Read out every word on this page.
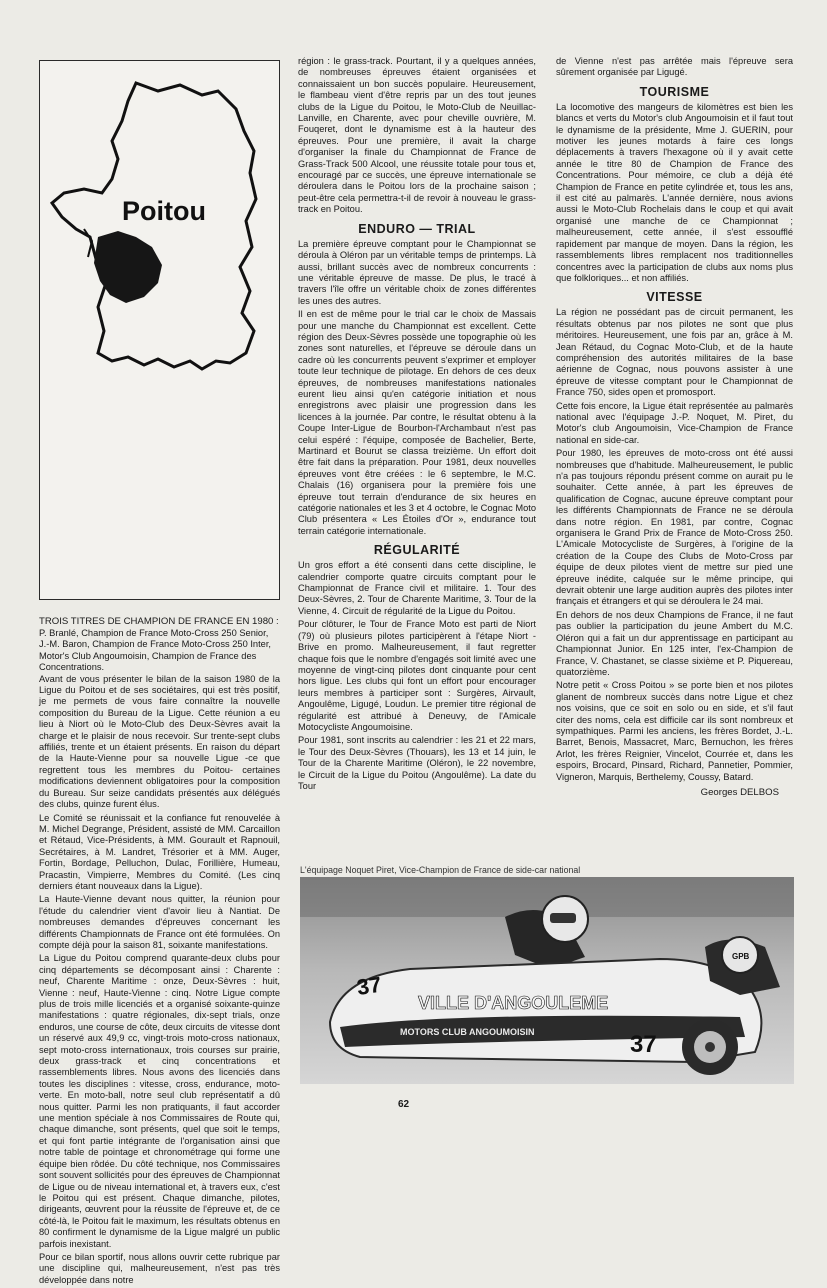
Poitou
TROIS TITRES DE CHAMPION DE FRANCE EN 1980 :

P. Branlé, Champion de France Moto-Cross 250 Senior,

J.-M. Baron, Champion de France Moto-Cross 250 Inter,

Motor's Club Angoumoisin, Champion de France des Concentrations.

Avant de vous présenter le bilan de la saison 1980 de la Ligue du Poitou et de ses sociétaires, qui est très positif, je me permets de vous faire connaître la nouvelle composition du Bureau de la Ligue. Cette réunion a eu lieu à Niort où le Moto-Club des Deux-Sèvres avait la charge et le plaisir de nous recevoir. Sur trente-sept clubs affiliés, trente et un étaient présents. En raison du départ de la Haute-Vienne pour sa nouvelle Ligue -ce que regrettent tous les membres du Poitou- certaines modifications deviennent obligatoires pour la composition du Bureau. Sur seize candidats présentés aux délégués des clubs, quinze furent élus.

Le Comité se réunissait et la confiance fut renouvelée à M. Michel Degrange, Président, assisté de MM. Carcaillon et Rétaud, Vice-Présidents, à MM. Gourault et Rapnouil, Secrétaires, à M. Landret, Trésorier et à MM. Auger, Fortin, Bordage, Pelluchon, Dulac, Forillière, Humeau, Pracastin, Vimpierre, Membres du Comité. (Les cinq derniers étant nouveaux dans la Ligue).

La Haute-Vienne devant nous quitter, la réunion pour l'étude du calendrier vient d'avoir lieu à Nantiat. De nombreuses demandes d'épreuves concernant les différents Championnats de France ont été formulées. On compte déjà pour la saison 81, soixante manifestations.

La Ligue du Poitou comprend quarante-deux clubs pour cinq départements se décomposant ainsi : Charente : neuf, Charente Maritime : onze, Deux-Sèvres : huit, Vienne : neuf, Haute-Vienne : cinq. Notre Ligue compte plus de trois mille licenciés et a organisé soixante-quinze manifestations : quatre régionales, dix-sept trials, onze enduros, une course de côte, deux circuits de vitesse dont un réservé aux 49,9 cc, vingt-trois moto-cross nationaux, sept moto-cross internationaux, trois courses sur prairie, deux grass-track et cinq concentrations et rassemblements libres. Nous avons des licenciés dans toutes les disciplines : vitesse, cross, endurance, moto-verte. En moto-ball, notre seul club représentatif a dû nous quitter. Parmi les non pratiquants, il faut accorder une mention spéciale à nos Commissaires de Route qui, chaque dimanche, sont présents, quel que soit le temps, et qui font partie intégrante de l'organisation ainsi que notre table de pointage et chronométrage qui forme une équipe bien rôdée. Du côté technique, nos Commissaires sont souvent sollicités pour des épreuves de Championnat de Ligue ou de niveau international et, à travers eux, c'est le Poitou qui est présent. Chaque dimanche, pilotes, dirigeants, œuvrent pour la réussite de l'épreuve et, de ce côté-là, le Poitou fait le maximum, les résultats obtenus en 80 confirment le dynamisme de la Ligue malgré un public parfois inexistant.

Pour ce bilan sportif, nous allons ouvrir cette rubrique par une discipline qui, malheureusement, n'est pas très développée dans notre

région : le grass-track. Pourtant, il y a quelques années, de nombreuses épreuves étaient organisées et connaissaient un bon succès populaire. Heureusement, le flambeau vient d'être repris par un des tout jeunes clubs de la Ligue du Poitou, le Moto-Club de Neuillac-Lanville, en Charente, avec pour cheville ouvrière, M. Fouqeret, dont le dynamisme est à la hauteur des épreuves. Pour une première, il avait la charge d'organiser la finale du Championnat de France de Grass-Track 500 Alcool, une réussite totale pour tous et, encouragé par ce succès, une épreuve internationale se déroulera dans le Poitou lors de la prochaine saison ; peut-être cela permettra-t-il de revoir à nouveau le grass-track en Poitou.

ENDURO — TRIAL

La première épreuve comptant pour le Championnat se déroula à Oléron par un véritable temps de printemps. Là aussi, brillant succès avec de nombreux concurrents : une véritable épreuve de masse. De plus, le tracé à travers l'île offre un véritable choix de zones différentes les unes des autres.

Il en est de même pour le trial car le choix de Massais pour une manche du Championnat est excellent. Cette région des Deux-Sèvres possède une topographie où les zones sont naturelles, et l'épreuve se déroule dans un cadre où les concurrents peuvent s'exprimer et employer toute leur technique de pilotage. En dehors de ces deux épreuves, de nombreuses manifestations nationales eurent lieu ainsi qu'en catégorie initiation et nous enregistrons avec plaisir une progression dans les licences à la journée. Par contre, le résultat obtenu à la Coupe Inter-Ligue de Bourbon-l'Archambaut n'est pas celui espéré : l'équipe, composée de Bachelier, Berte, Martinard et Bourut se classa treizième. Un effort doit être fait dans la préparation. Pour 1981, deux nouvelles épreuves vont être créées : le 6 septembre, le M.C. Chalais (16) organisera pour la première fois une épreuve tout terrain d'endurance de six heures en catégorie nationales et les 3 et 4 octobre, le Cognac Moto Club présentera « Les Étoiles d'Or », endurance tout terrain catégorie internationale.

RÉGULARITÉ

Un gros effort a été consenti dans cette discipline, le calendrier comporte quatre circuits comptant pour le Championnat de France civil et militaire. 1. Tour des Deux-Sèvres, 2. Tour de Charente Maritime, 3. Tour de la Vienne, 4. Circuit de régularité de la Ligue du Poitou.

Pour clôturer, le Tour de France Moto est parti de Niort (79) où plusieurs pilotes participèrent à l'étape Niort - Brive en promo. Malheureusement, il faut regretter chaque fois que le nombre d'engagés soit limité avec une moyenne de vingt-cinq pilotes dont cinquante pour cent hors ligue. Les clubs qui font un effort pour encourager leurs membres à participer sont : Surgères, Airvault, Angoulême, Ligugé, Loudun. Le premier titre régional de régularité est attribué à Deneuvy, de l'Amicale Motocycliste Angoumoisine.

Pour 1981, sont inscrits au calendrier : les 21 et 22 mars, le Tour des Deux-Sèvres (Thouars), les 13 et 14 juin, le Tour de la Charente Maritime (Oléron), le 22 novembre, le Circuit de la Ligue du Poitou (Angoulême). La date du Tour

de Vienne n'est pas arrêtée mais l'épreuve sera sûrement organisée par Ligugé.

TOURISME

La locomotive des mangeurs de kilomètres est bien les blancs et verts du Motor's club Angoumoisin et il faut tout le dynamisme de la présidente, Mme J. GUERIN, pour motiver les jeunes motards à faire ces longs déplacements à travers l'hexagone où il y avait cette année le titre 80 de Champion de France des Concentrations. Pour mémoire, ce club a déjà été Champion de France en petite cylindrée et, tous les ans, il est cité au palmarès. L'année dernière, nous avions aussi le Moto-Club Rochelais dans le coup et qui avait organisé une manche de ce Championnat ; malheureusement, cette année, il s'est essoufflé rapidement par manque de moyen. Dans la région, les rassemblements libres remplacent nos traditionnelles concentres avec la participation de clubs aux noms plus que folkloriques... et non affiliés.

VITESSE

La région ne possédant pas de circuit permanent, les résultats obtenus par nos pilotes ne sont que plus méritoires. Heureusement, une fois par an, grâce à M. Jean Rétaud, du Cognac Moto-Club, et de la haute compréhension des autorités militaires de la base aérienne de Cognac, nous pouvons assister à une épreuve de vitesse comptant pour le Championnat de France 750, sides open et promosport.

Cette fois encore, la Ligue était représentée au palmarès national avec l'équipage J.-P. Noquet, M. Piret, du Motor's club Angoumoisin, Vice-Champion de France national en side-car.

Pour 1980, les épreuves de moto-cross ont été aussi nombreuses que d'habitude. Malheureusement, le public n'a pas toujours répondu présent comme on aurait pu le souhaiter. Cette année, à part les épreuves de qualification de Cognac, aucune épreuve comptant pour les différents Championnats de France ne se déroula dans notre région. En 1981, par contre, Cognac organisera le Grand Prix de France de Moto-Cross 250. L'Amicale Motocycliste de Surgères, à l'origine de la création de la Coupe des Clubs de Moto-Cross par équipe de deux pilotes vient de mettre sur pied une épreuve inédite, calquée sur le même principe, qui devrait obtenir une large audition auprès des pilotes inter français et étrangers et qui se déroulera le 24 mai.

En dehors de nos deux Champions de France, il ne faut pas oublier la participation du jeune Ambert du M.C. Oléron qui a fait un dur apprentissage en participant au Championnat Junior. En 125 inter, l'ex-Champion de France, V. Chastanet, se classe sixième et P. Piquereau, quatorzième.

Notre petit « Cross Poitou » se porte bien et nos pilotes glanent de nombreux succès dans notre Ligue et chez nos voisins, que ce soit en solo ou en side, et s'il faut citer des noms, cela est difficile car ils sont nombreux et sympathiques. Parmi les anciens, les frères Bordet, J.-L. Barret, Benois, Massacret, Marc, Bernuchon, les frères Arlot, les frères Reignier, Vincelot, Courrée et, dans les espoirs, Brocard, Pinsard, Richard, Pannetier, Pommier, Vigneron, Marquis, Berthelemy, Coussy, Batard.

Georges DELBOS
L'équipage Noquet Piret, Vice-Champion de France de side-car national
GPB
37
VILLE D'ANGOULEME
MOTORS CLUB ANGOUMOISIN	37
62
